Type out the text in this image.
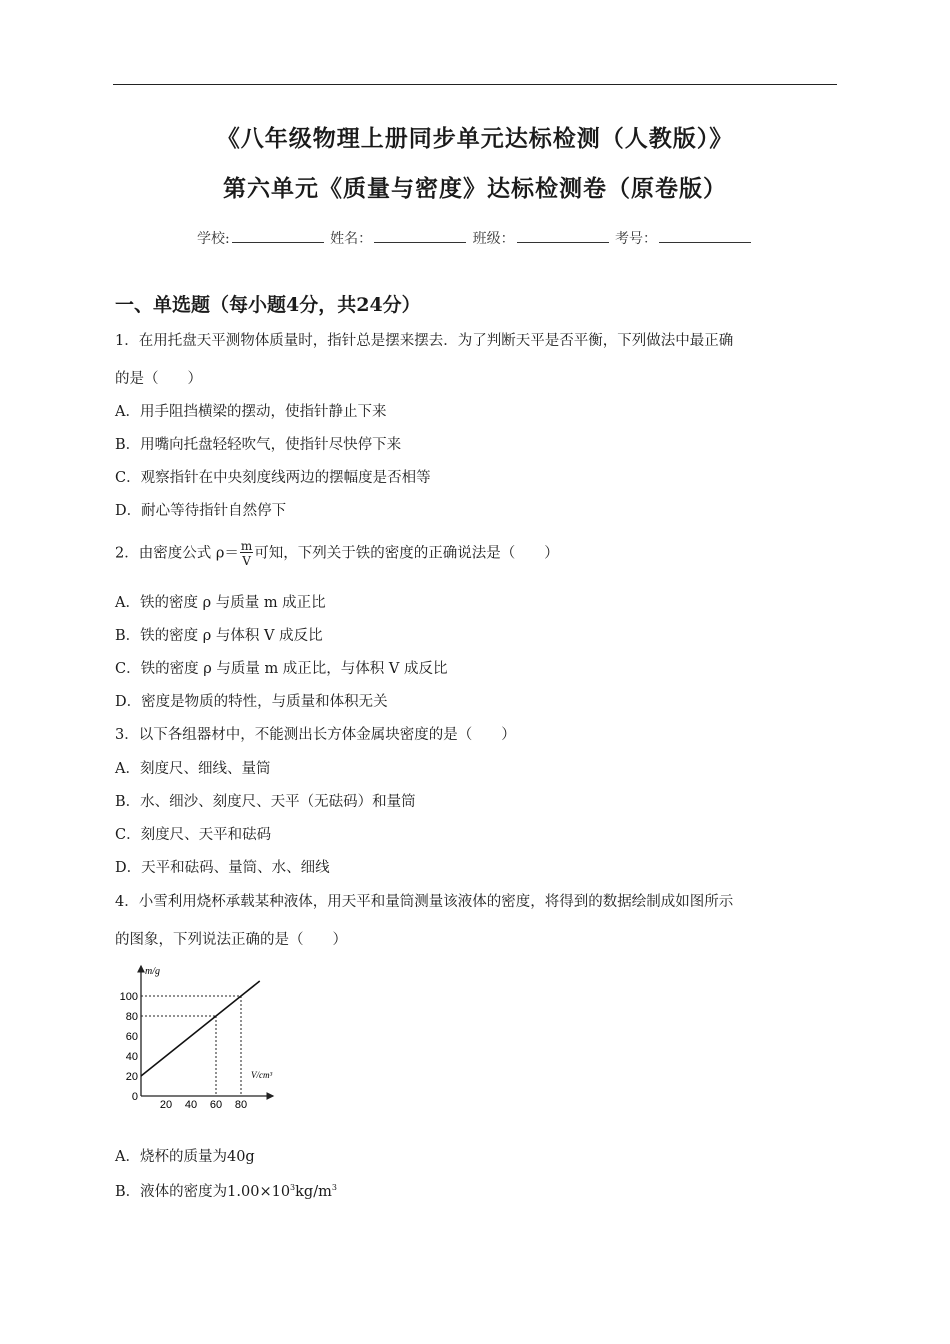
《八年级物理上册同步单元达标检测（人教版）》
第六单元《质量与密度》达标检测卷（原卷版）
学校:	姓名：	班级：	考号：
一、单选题（每小题4分，共24分）
1．在用托盘天平测物体质量时，指针总是摆来摆去．为了判断天平是否平衡，下列做法中最正确
的是（　　）
A．用手阻挡横梁的摆动，使指针静止下来
B．用嘴向托盘轻轻吹气，使指针尽快停下来
C．观察指针在中央刻度线两边的摆幅度是否相等
D．耐心等待指针自然停下
2．由密度公式 $\rho= \frac{m}{V}$ 可知，下列关于铁的密度的正确说法是（　　）
A．铁的密度 ρ 与质量 m 成正比
B．铁的密度 ρ 与体积 V 成反比
C．铁的密度 ρ 与质量 m 成正比，与体积 V 成反比
D．密度是物质的特性，与质量和体积无关
3．以下各组器材中，不能测出长方体金属块密度的是（　　）
A．刻度尺、细线、量筒
B．水、细沙、刻度尺、天平（无砝码）和量筒
C．刻度尺、天平和砝码
D．天平和砝码、量筒、水、细线
4．小雪利用烧杯承载某种液体，用天平和量筒测量该液体的密度，将得到的数据绘制成如图所示
的图象，下列说法正确的是（　　）
m/g
V/cm³
20 40 60 80
0
20
40
60
80
100
A．烧杯的质量为40g
B．液体的密度为$1.00\times 10^3kg/m^3$
